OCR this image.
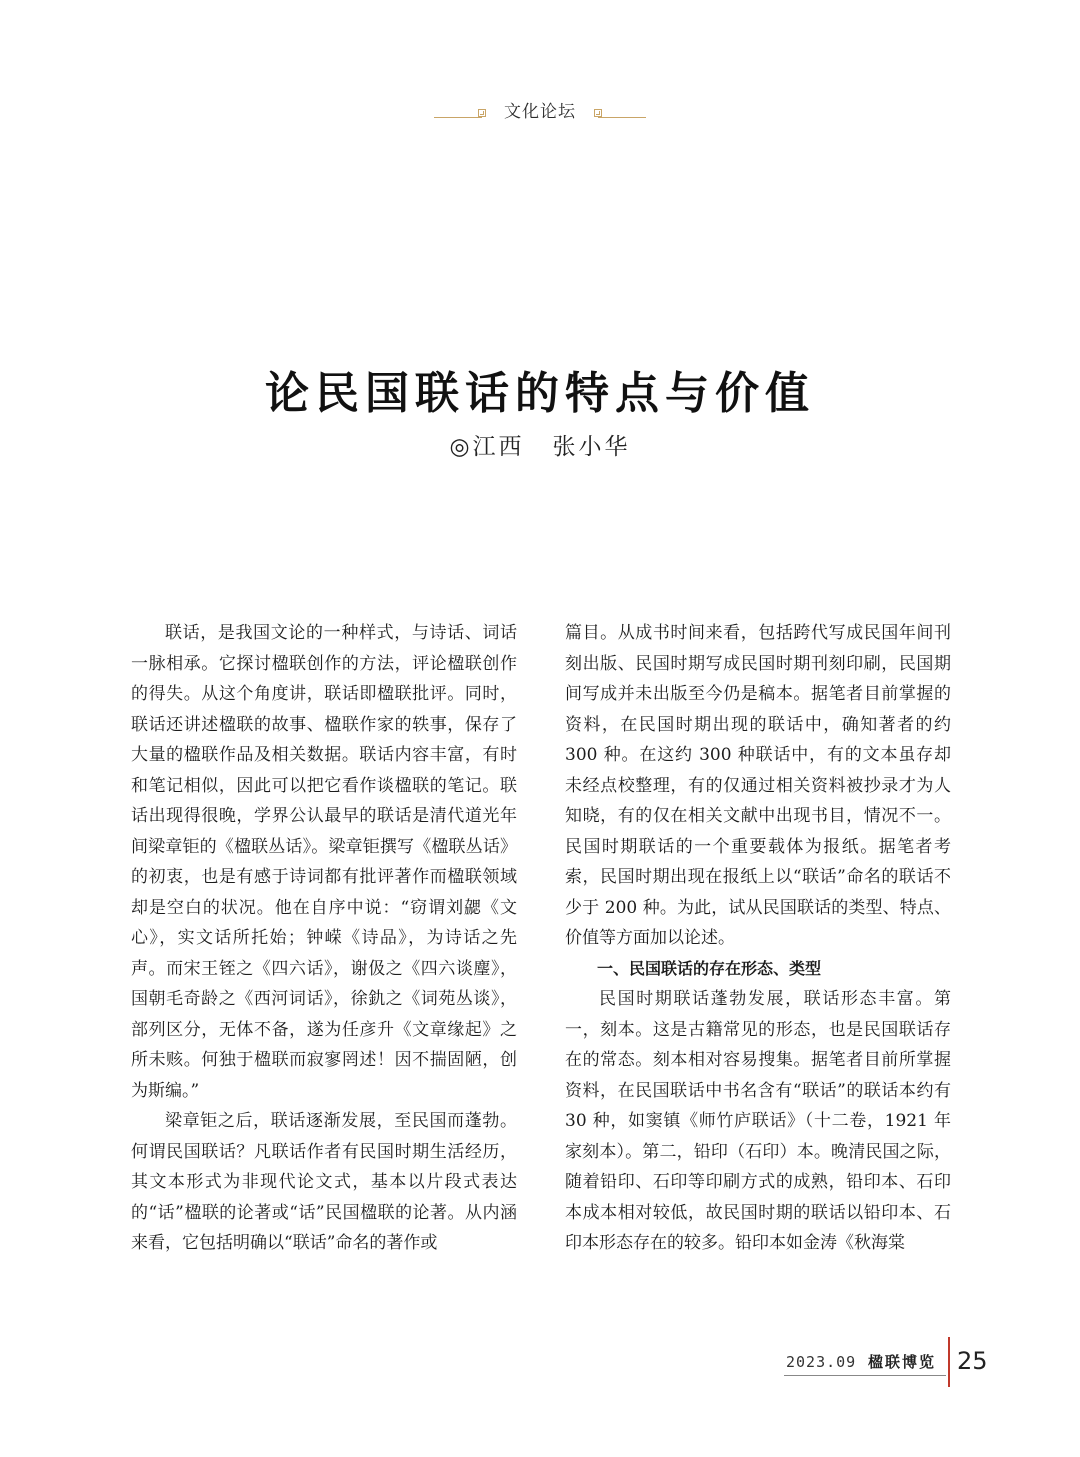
文化论坛
论民国联话的特点与价值
◎江西 张小华

联话，是我国文论的一种样式，与诗话、词话一脉相承。它探讨楹联创作的方法，评论楹联创作的得失。从这个角度讲，联话即楹联批评。同时，联话还讲述楹联的故事、楹联作家的轶事，保存了大量的楹联作品及相关数据。联话内容丰富，有时和笔记相似，因此可以把它看作谈楹联的笔记。联话出现得很晚，学界公认最早的联话是清代道光年间梁章钜的《楹联丛话》。梁章钜撰写《楹联丛话》的初衷，也是有感于诗词都有批评著作而楹联领域却是空白的状况。他在自序中说：“窃谓刘勰《文心》，实文话所托始；钟嵘《诗品》，为诗话之先声。而宋王铚之《四六话》，谢伋之《四六谈麈》，国朝毛奇龄之《西河词话》，徐釚之《词苑丛谈》，部列区分，无体不备，遂为任彦升《文章缘起》之所未赅。何独于楹联而寂寥罔述！因不揣固陋，创为斯编。”

梁章钜之后，联话逐渐发展，至民国而蓬勃。何谓民国联话？凡联话作者有民国时期生活经历，其文本形式为非现代论文式，基本以片段式表达的“话”楹联的论著或“话”民国楹联的论著。从内涵来看，它包括明确以“联话”命名的著作或

篇目。从成书时间来看，包括跨代写成民国年间刊刻出版、民国时期写成民国时期刊刻印刷，民国期间写成并未出版至今仍是稿本。据笔者目前掌握的资料，在民国时期出现的联话中，确知著者的约 300 种。在这约 300 种联话中，有的文本虽存却未经点校整理，有的仅通过相关资料被抄录才为人知晓，有的仅在相关文献中出现书目，情况不一。民国时期联话的一个重要载体为报纸。据笔者考索，民国时期出现在报纸上以“联话”命名的联话不少于 200 种。为此，试从民国联话的类型、特点、价值等方面加以论述。

一、民国联话的存在形态、类型

民国时期联话蓬勃发展，联话形态丰富。第一，刻本。这是古籍常见的形态，也是民国联话存在的常态。刻本相对容易搜集。据笔者目前所掌握资料，在民国联话中书名含有“联话”的联话本约有 30 种，如窦镇《师竹庐联话》（十二卷，1921 年家刻本）。第二，铅印（石印）本。晚清民国之际，随着铅印、石印等印刷方式的成熟，铅印本、石印本成本相对较低，故民国时期的联话以铅印本、石印本形态存在的较多。铅印本如金涛《秋海棠

2023.09 楹联博览 25
